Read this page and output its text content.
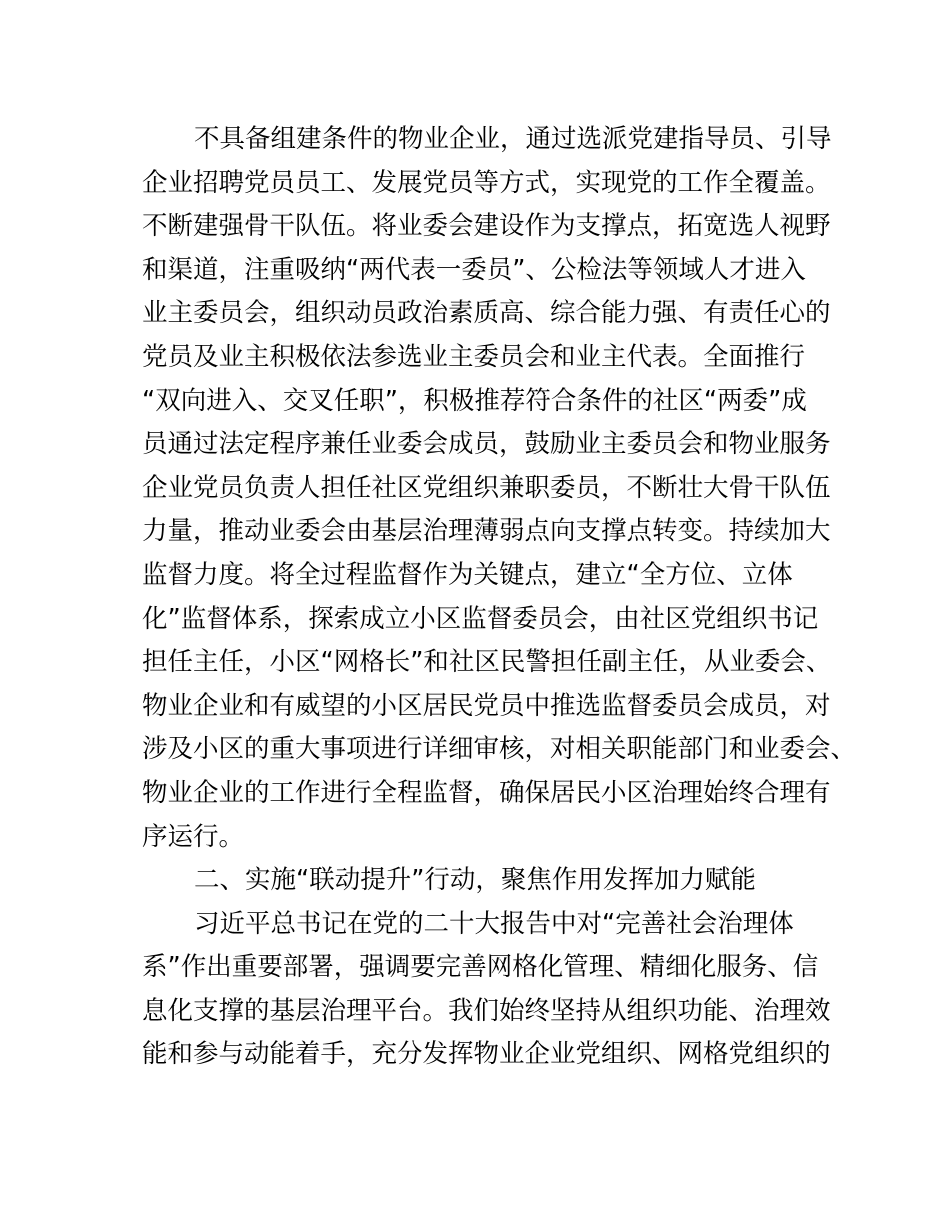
不具备组建条件的物业企业，通过选派党建指导员、引导
企业招聘党员员工、发展党员等方式，实现党的工作全覆盖。
不断建强骨干队伍。将业委会建设作为支撑点，拓宽选人视野
和渠道，注重吸纳“两代表一委员”、公检法等领域人才进入
业主委员会，组织动员政治素质高、综合能力强、有责任心的
党员及业主积极依法参选业主委员会和业主代表。全面推行
“双向进入、交叉任职”，积极推荐符合条件的社区“两委”成
员通过法定程序兼任业委会成员，鼓励业主委员会和物业服务
企业党员负责人担任社区党组织兼职委员，不断壮大骨干队伍
力量，推动业委会由基层治理薄弱点向支撑点转变。持续加大
监督力度。将全过程监督作为关键点，建立“全方位、立体
化”监督体系，探索成立小区监督委员会，由社区党组织书记
担任主任，小区“网格长”和社区民警担任副主任，从业委会、
物业企业和有威望的小区居民党员中推选监督委员会成员，对
涉及小区的重大事项进行详细审核，对相关职能部门和业委会、
物业企业的工作进行全程监督，确保居民小区治理始终合理有
序运行。

二、实施“联动提升”行动，聚焦作用发挥加力赋能

习近平总书记在党的二十大报告中对“完善社会治理体
系”作出重要部署，强调要完善网格化管理、精细化服务、信
息化支撑的基层治理平台。我们始终坚持从组织功能、治理效
能和参与动能着手，充分发挥物业企业党组织、网格党组织的
